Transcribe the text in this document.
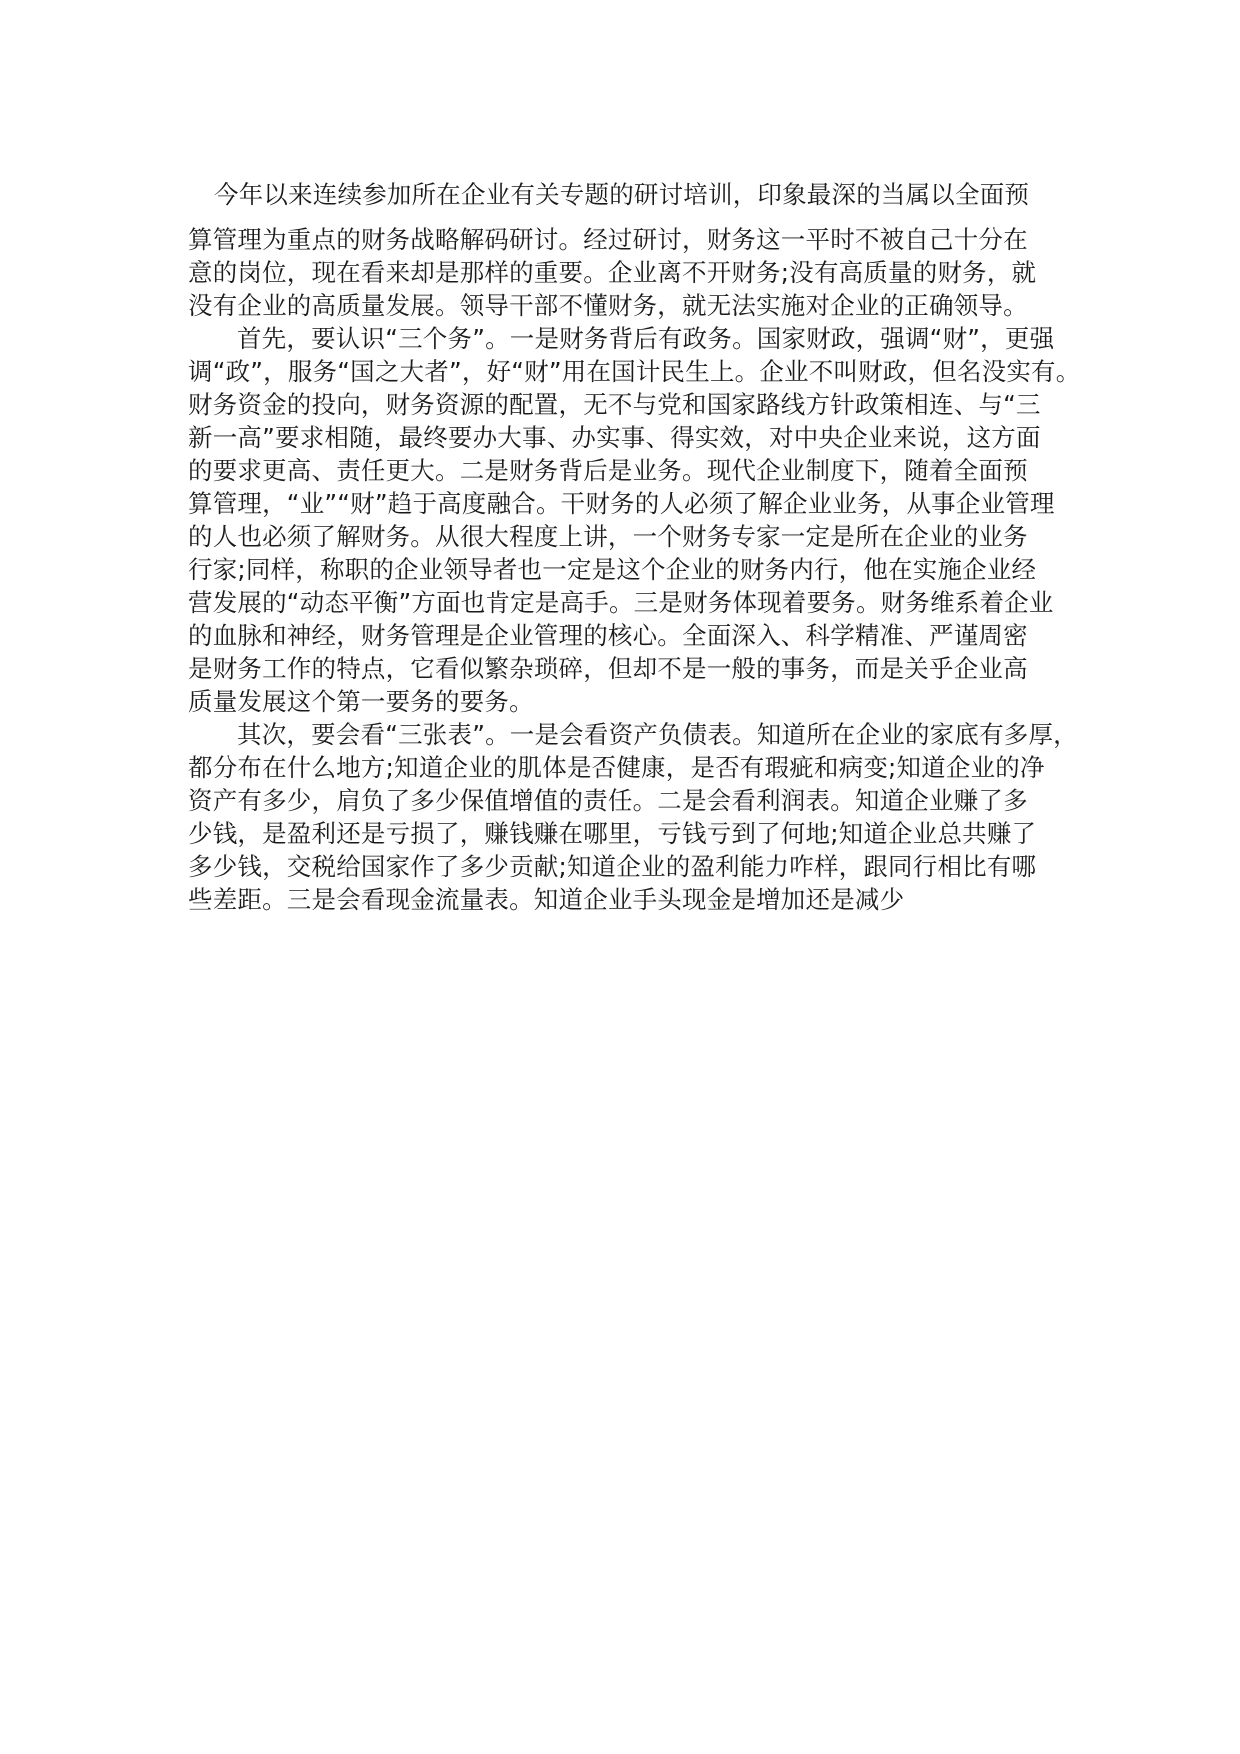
今年以来连续参加所在企业有关专题的研讨培训，印象最深的当属以全面预
算管理为重点的财务战略解码研讨。经过研讨，财务这一平时不被自己十分在
意的岗位，现在看来却是那样的重要。企业离不开财务;没有高质量的财务，就
没有企业的高质量发展。领导干部不懂财务，就无法实施对企业的正确领导。
首先，要认识“三个务”。一是财务背后有政务。国家财政，强调“财”，更强
调“政”，服务“国之大者”，好“财”用在国计民生上。企业不叫财政，但名没实有。
财务资金的投向，财务资源的配置，无不与党和国家路线方针政策相连、与“三
新一高”要求相随，最终要办大事、办实事、得实效，对中央企业来说，这方面
的要求更高、责任更大。二是财务背后是业务。现代企业制度下，随着全面预
算管理，“业”“财”趋于高度融合。干财务的人必须了解企业业务，从事企业管理
的人也必须了解财务。从很大程度上讲，一个财务专家一定是所在企业的业务
行家;同样，称职的企业领导者也一定是这个企业的财务内行，他在实施企业经
营发展的“动态平衡”方面也肯定是高手。三是财务体现着要务。财务维系着企业
的血脉和神经，财务管理是企业管理的核心。全面深入、科学精准、严谨周密
是财务工作的特点，它看似繁杂琐碎，但却不是一般的事务，而是关乎企业高
质量发展这个第一要务的要务。
其次，要会看“三张表”。一是会看资产负债表。知道所在企业的家底有多厚，
都分布在什么地方;知道企业的肌体是否健康，是否有瑕疵和病变;知道企业的净
资产有多少，肩负了多少保值增值的责任。二是会看利润表。知道企业赚了多
少钱，是盈利还是亏损了，赚钱赚在哪里，亏钱亏到了何地;知道企业总共赚了
多少钱，交税给国家作了多少贡献;知道企业的盈利能力咋样，跟同行相比有哪
些差距。三是会看现金流量表。知道企业手头现金是增加还是减少
